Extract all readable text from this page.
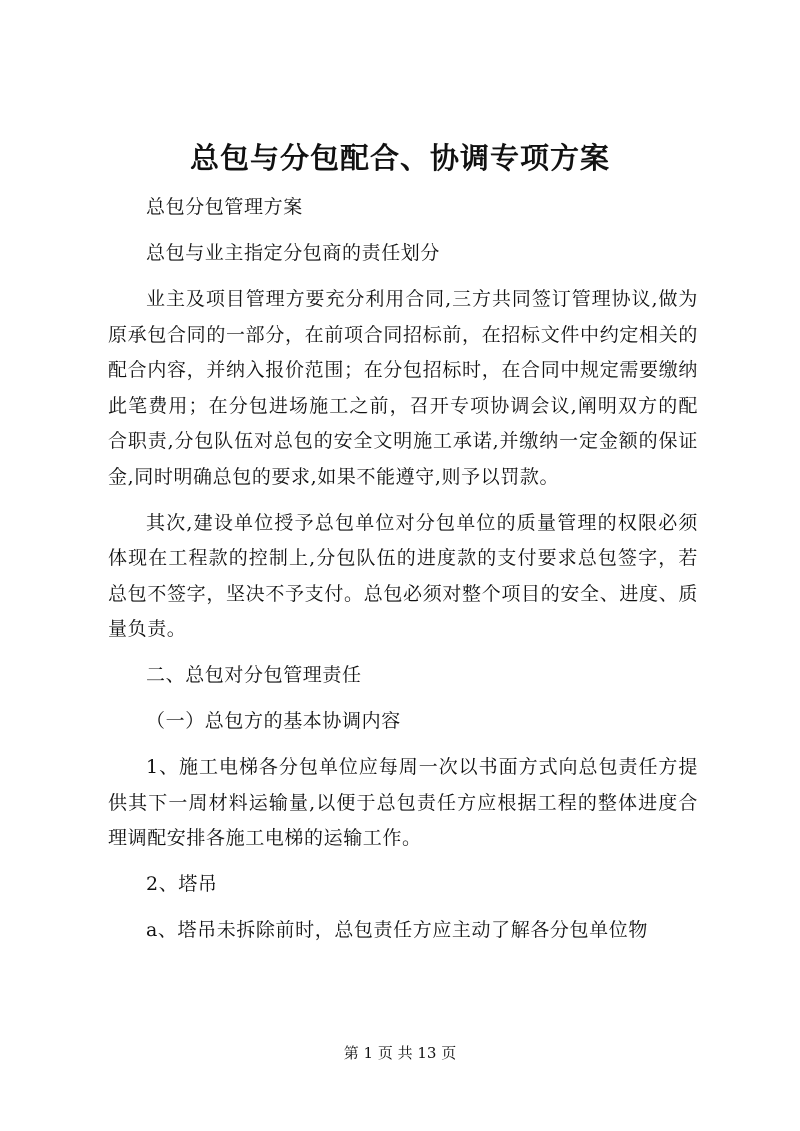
总包与分包配合、协调专项方案

总包分包管理方案

总包与业主指定分包商的责任划分

业主及项目管理方要充分利用合同,三方共同签订管理协议,做为原承包合同的一部分，在前项合同招标前，在招标文件中约定相关的配合内容，并纳入报价范围；在分包招标时，在合同中规定需要缴纳此笔费用；在分包进场施工之前，召开专项协调会议,阐明双方的配合职责,分包队伍对总包的安全文明施工承诺,并缴纳一定金额的保证金,同时明确总包的要求,如果不能遵守,则予以罚款。

其次,建设单位授予总包单位对分包单位的质量管理的权限必须体现在工程款的控制上,分包队伍的进度款的支付要求总包签字，若总包不签字，坚决不予支付。总包必须对整个项目的安全、进度、质量负责。

二、总包对分包管理责任

（一）总包方的基本协调内容

1、施工电梯各分包单位应每周一次以书面方式向总包责任方提供其下一周材料运输量,以便于总包责任方应根据工程的整体进度合理调配安排各施工电梯的运输工作。

2、塔吊

a、塔吊未拆除前时，总包责任方应主动了解各分包单位物

第 1 页 共 13 页
